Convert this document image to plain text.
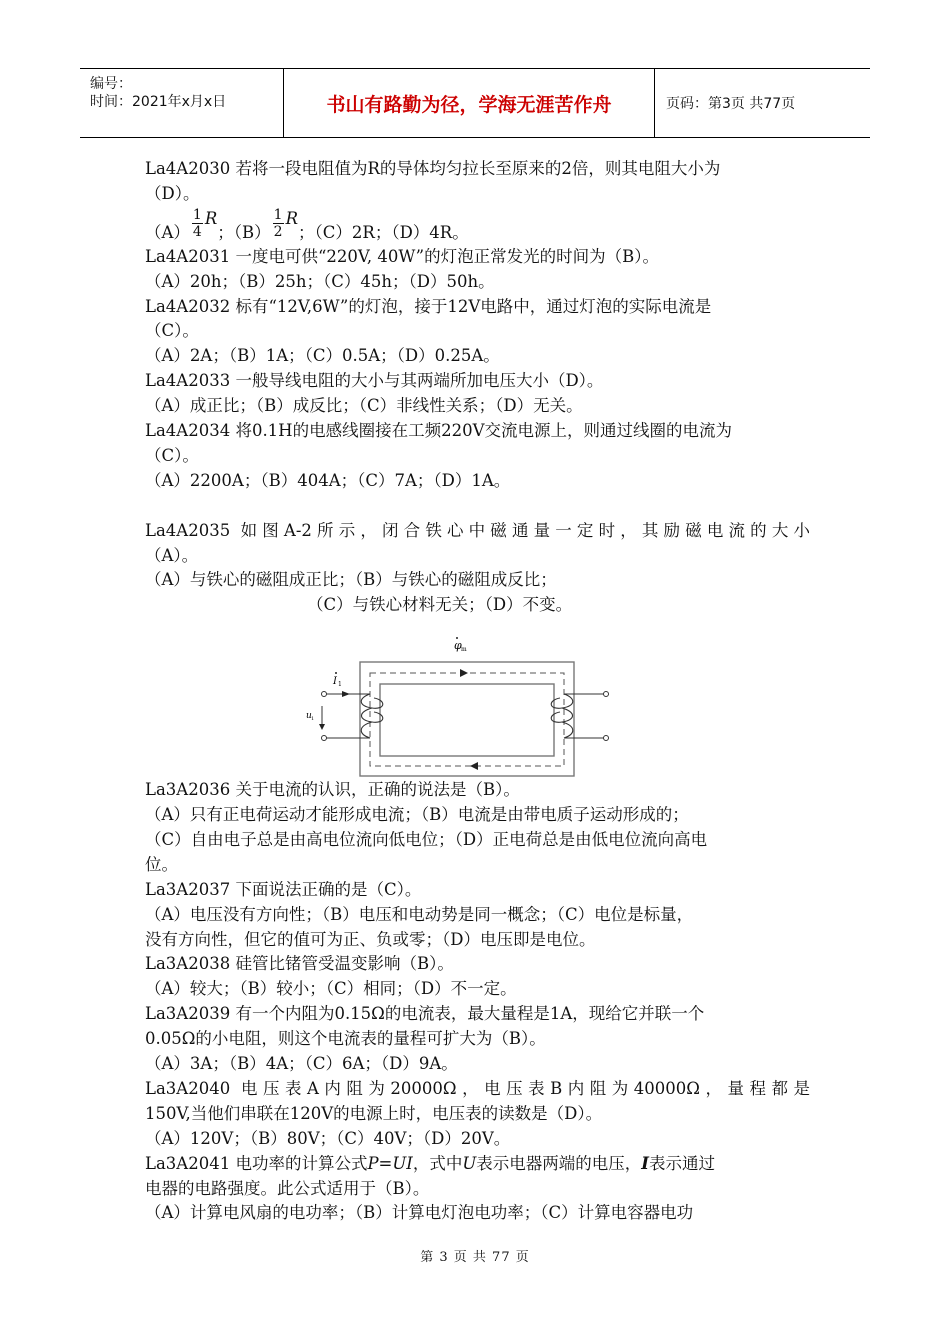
编号：
时间：2021年x月x日	书山有路勤为径，学海无涯苦作舟	页码：第3页 共77页
La4A2030 若将一段电阻值为R的导体均匀拉长至原来的2倍，则其电阻大小为
（D）。
$(A) \frac{1}{4}$ R；$(B) \frac{1}{2}$ R；（C）2R；（D）4R。
La4A2031 一度电可供“220V, 40W”的灯泡正常发光的时间为（B）。
（A）20h；（B）25h；（C）45h；（D）50h。
La4A2032 标有“12V,6W”的灯泡，接于12V电路中，通过灯泡的实际电流是
（C）。
（A）2A；（B）1A；（C）0.5A；（D）0.25A。
La4A2033 一般导线电阻的大小与其两端所加电压大小（D）。
（A）成正比；（B）成反比；（C）非线性关系；（D）无关。
La4A2034 将0.1H的电感线圈接在工频220V交流电源上，则通过线圈的电流为
（C）。
（A）2200A；（B）404A；（C）7A；（D）1A。
La4A2035 如图A-2所示，闭合铁心中磁通量一定时，其励磁电流的大小
（A）。
（A）与铁心的磁阻成正比；（B）与铁心的磁阻成反比；
（C）与铁心材料无关；（D）不变。
La3A2036 关于电流的认识，正确的说法是（B）。
（A）只有正电荷运动才能形成电流；（B）电流是由带电质子运动形成的；
（C）自由电子总是由高电位流向低电位；（D）正电荷总是由低电位流向高电
位。
La3A2037 下面说法正确的是（C）。
（A）电压没有方向性；（B）电压和电动势是同一概念；（C）电位是标量，
没有方向性，但它的值可为正、负或零；（D）电压即是电位。
La3A2038 硅管比锗管受温变影响（B）。
（A）较大；（B）较小；（C）相同；（D）不一定。
La3A2039 有一个内阻为0.15Ω的电流表，最大量程是1A，现给它并联一个
0.05Ω的小电阻，则这个电流表的量程可扩大为（B）。
（A）3A；（B）4A；（C）6A；（D）9A。
La3A2040 电压表A内阻为20000Ω，电压表B内阻为40000Ω，量程都是
150V,当他们串联在120V的电源上时，电压表的读数是（D）。
（A）120V；（B）80V；（C）40V；（D）20V。
La3A2041 电功率的计算公式P=UI，式中U表示电器两端的电压，I表示通过
电器的电路强度。此公式适用于（B）。
（A）计算电风扇的电功率；（B）计算电灯泡电功率；（C）计算电容器电功
φ m
I 1
u 1
第 3 页 共 77 页
